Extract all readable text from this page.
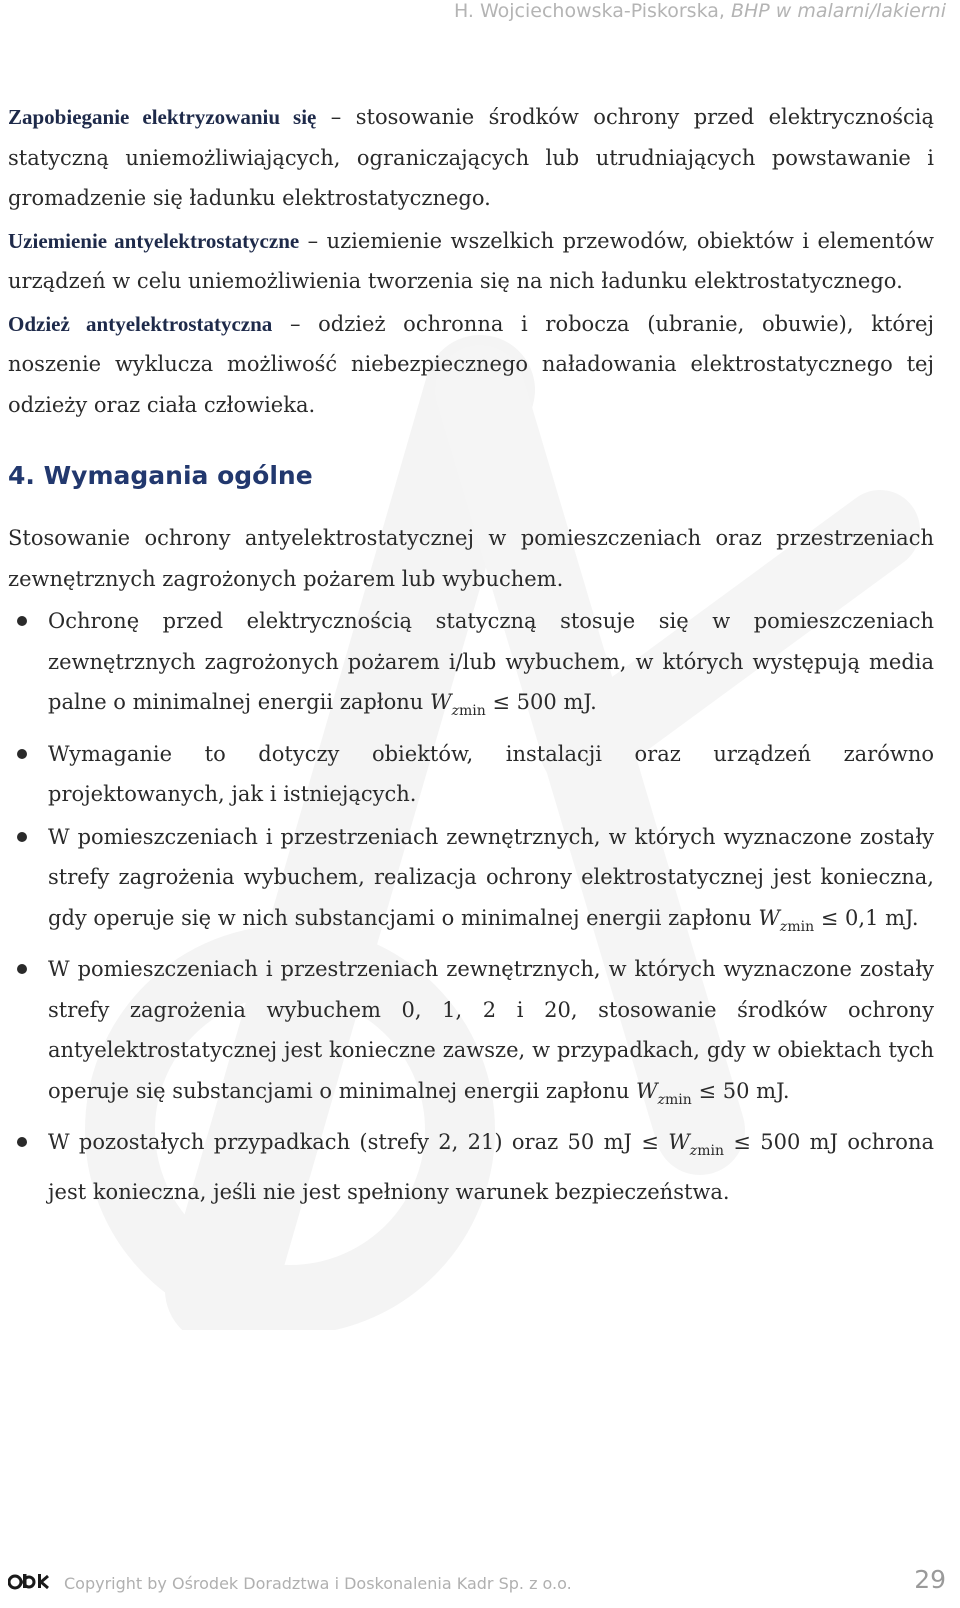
H. Wojciechowska-Piskorska, BHP w malarni/lakierni

Zapobieganie elektryzowaniu się – stosowanie środków ochrony przed elektrycznością statyczną uniemożliwiających, ograniczających lub utrudniających powstawanie i gromadzenie się ładunku elektrostatycznego.

Uziemienie antyelektrostatyczne – uziemienie wszelkich przewodów, obiektów i elementów urządzeń w celu uniemożliwienia tworzenia się na nich ładunku elektrostatycznego.

Odzież antyelektrostatyczna – odzież ochronna i robocza (ubranie, obuwie), której noszenie wyklucza możliwość niebezpiecznego naładowania elektrostatycznego tej odzieży oraz ciała człowieka.

4. Wymagania ogólne

Stosowanie ochrony antyelektrostatycznej w pomieszczeniach oraz przestrzeniach zewnętrznych zagrożonych pożarem lub wybuchem.

Ochronę przed elektrycznością statyczną stosuje się w pomieszczeniach zewnętrznych zagrożonych pożarem i/lub wybuchem, w których występują media palne o minimalnej energii zapłonu $W_{zmin} \le 500$ mJ.
Wymaganie to dotyczy obiektów, instalacji oraz urządzeń zarówno projektowanych, jak i istniejących.
W pomieszczeniach i przestrzeniach zewnętrznych, w których wyznaczone zostały strefy zagrożenia wybuchem, realizacja ochrony elektrostatycznej jest konieczna, gdy operuje się w nich substancjami o minimalnej energii zapłonu $W_{zmin} \le 0,1$ mJ.
W pomieszczeniach i przestrzeniach zewnętrznych, w których wyznaczone zostały strefy zagrożenia wybuchem 0, 1, 2 i 20, stosowanie środków ochrony antyelektrostatycznej jest konieczne zawsze, w przypadkach, gdy w obiektach tych operuje się substancjami o minimalnej energii zapłonu $W_{zmin} \le 50$ mJ.
W pozostałych przypadkach (strefy 2, 21) oraz 50 mJ ≤ $W_{zmin} \le 500$ mJ ochrona jest konieczna, jeśli nie jest spełniony warunek bezpieczeństwa.
Copyright by Ośrodek Doradztwa i Doskonalenia Kadr Sp. z o.o.	29
